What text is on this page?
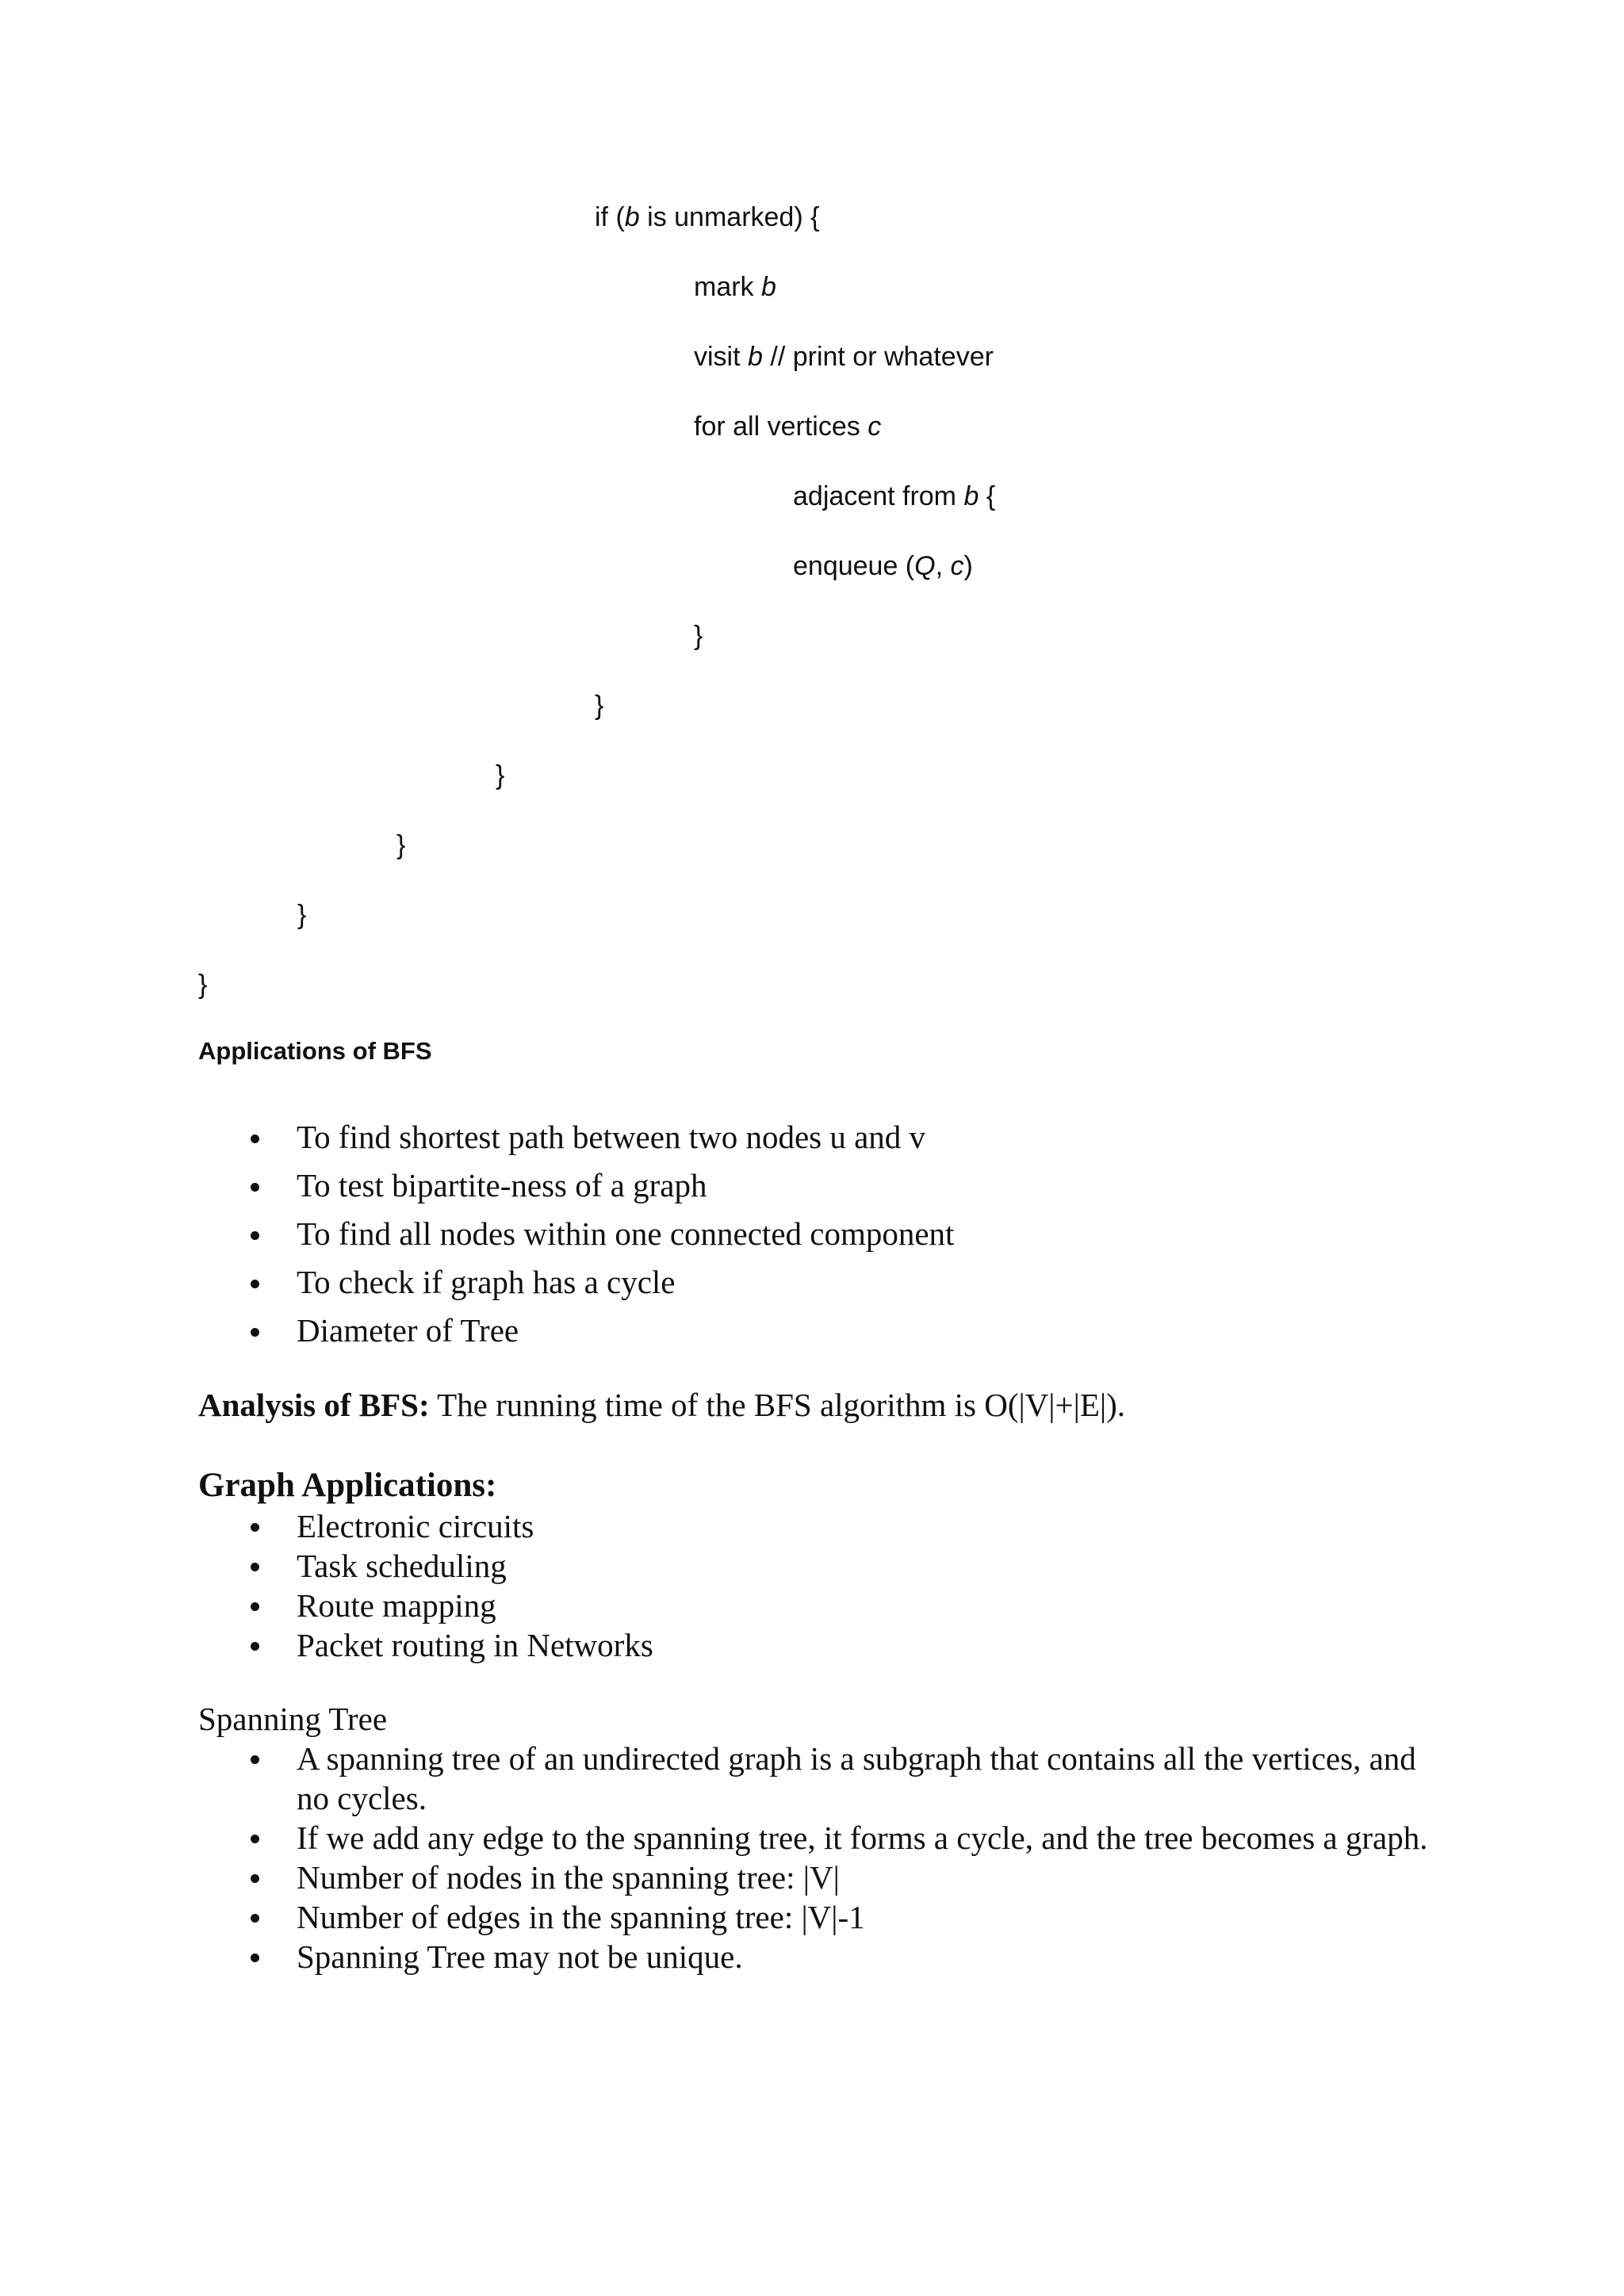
if (b is unmarked) {
mark b
visit b // print or whatever
for all vertices c
adjacent from b {
enqueue (Q, c)
}
}
}
}
}
}
Applications of BFS
To find shortest path between two nodes u and v
To test bipartite-ness of a graph
To find all nodes within one connected component
To check if graph has a cycle
Diameter of Tree
Analysis of BFS: The running time of the BFS algorithm is O(|V|+|E|).
Graph Applications:
Electronic circuits
Task scheduling
Route mapping
Packet routing in Networks
Spanning Tree
A spanning tree of an undirected graph is a subgraph that contains all the vertices, and no cycles.
If we add any edge to the spanning tree, it forms a cycle, and the tree becomes a graph.
Number of nodes in the spanning tree: |V|
Number of edges in the spanning tree: |V|-1
Spanning Tree may not be unique.
